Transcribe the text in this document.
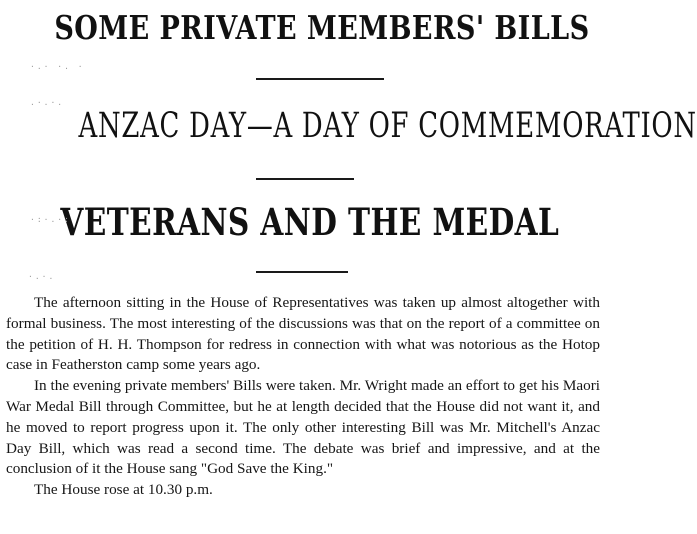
SOME PRIVATE MEMBERS' BILLS
ANZAC DAY—A DAY OF COMMEMORATION
VETERANS AND THE MEDAL
·.· ·. ·
.·.·.
·:·.·:
·.·.

The afternoon sitting in the House of Representatives was taken up almost altogether with formal business. The most interesting of the discussions was that on the report of a committee on the petition of H. H. Thompson for redress in connection with what was notorious as the Hotop case in Featherston camp some years ago.

In the evening private members' Bills were taken. Mr. Wright made an effort to get his Maori War Medal Bill through Committee, but he at length decided that the House did not want it, and he moved to report progress upon it. The only other interesting Bill was Mr. Mitchell's Anzac Day Bill, which was read a second time. The debate was brief and impressive, and at the conclusion of it the House sang "God Save the King."

The House rose at 10.30 p.m.
